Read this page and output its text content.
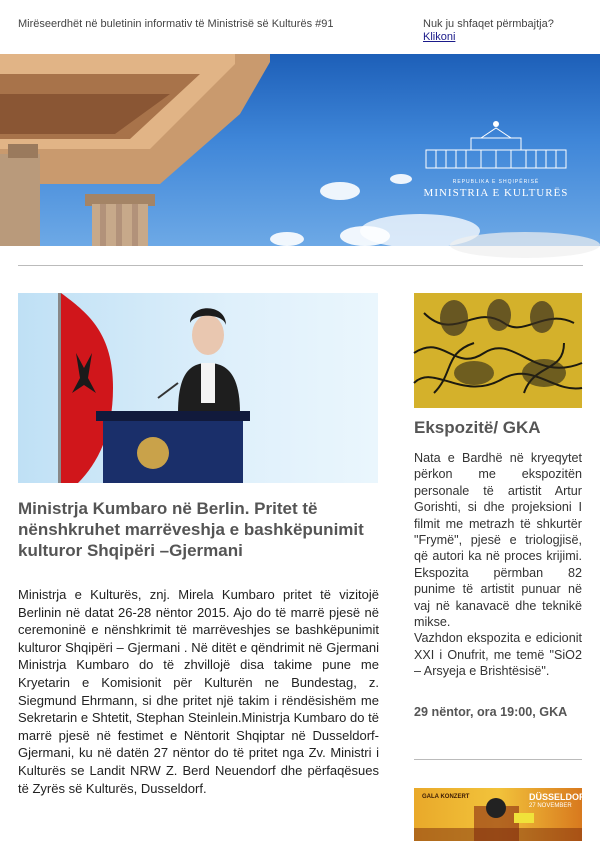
Mirëseerdhët në buletinin informativ të Ministrisë së Kulturës #91	Nuk ju shfaqet përmbajtja?
Klikoni
REPUBLIKA E SHQIPËRISË
MINISTRIA E KULTURËS
Ministrja Kumbaro në Berlin. Pritet të nënshkruhet marrëveshja e bashkëpunimit kulturor Shqipëri –Gjermani
Ministrja e Kulturës, znj. Mirela Kumbaro pritet të vizitojë Berlinin në datat 26-28 nëntor 2015. Ajo do të marrë pjesë në ceremoninë e nënshkrimit të marrëveshjes se bashkëpunimit kulturor Shqipëri – Gjermani . Në ditët e qëndrimit në Gjermani Ministrja Kumbaro do të zhvillojë disa takime pune me Kryetarin e Komisionit për Kulturën ne Bundestag, z. Siegmund Ehrmann, si dhe pritet një takim i rëndësishëm me Sekretarin e Shtetit, Stephan Steinlein.Ministrja Kumbaro do të marrë pjesë në festimet e Nëntorit Shqiptar në Dusseldorf-Gjermani, ku në datën 27 nëntor do të pritet nga Zv. Ministri i Kulturës se Landit NRW Z. Berd Neuendorf dhe përfaqësues të Zyrës së Kulturës, Dusseldorf.
Ekspozitë/ GKA
Nata e Bardhë në kryeqytet përkon me ekspozitën personale të artistit Artur Gorishti, si dhe projeksioni I filmit me metrazh të shkurtër "Frymë", pjesë e triologjisë, që autori ka në proces krijimi. Ekspozita përmban 82 punime të artistit punuar në vaj në kanavacë dhe teknikë mikse.
Vazhdon ekspozita e edicionit XXI i Onufrit, me temë "SiO2 – Arsyeja e Brishtësisë".
29 nëntor, ora 19:00, GKA
GALA KONZERT	DÜSSELDORF
27 NOVEMBER
